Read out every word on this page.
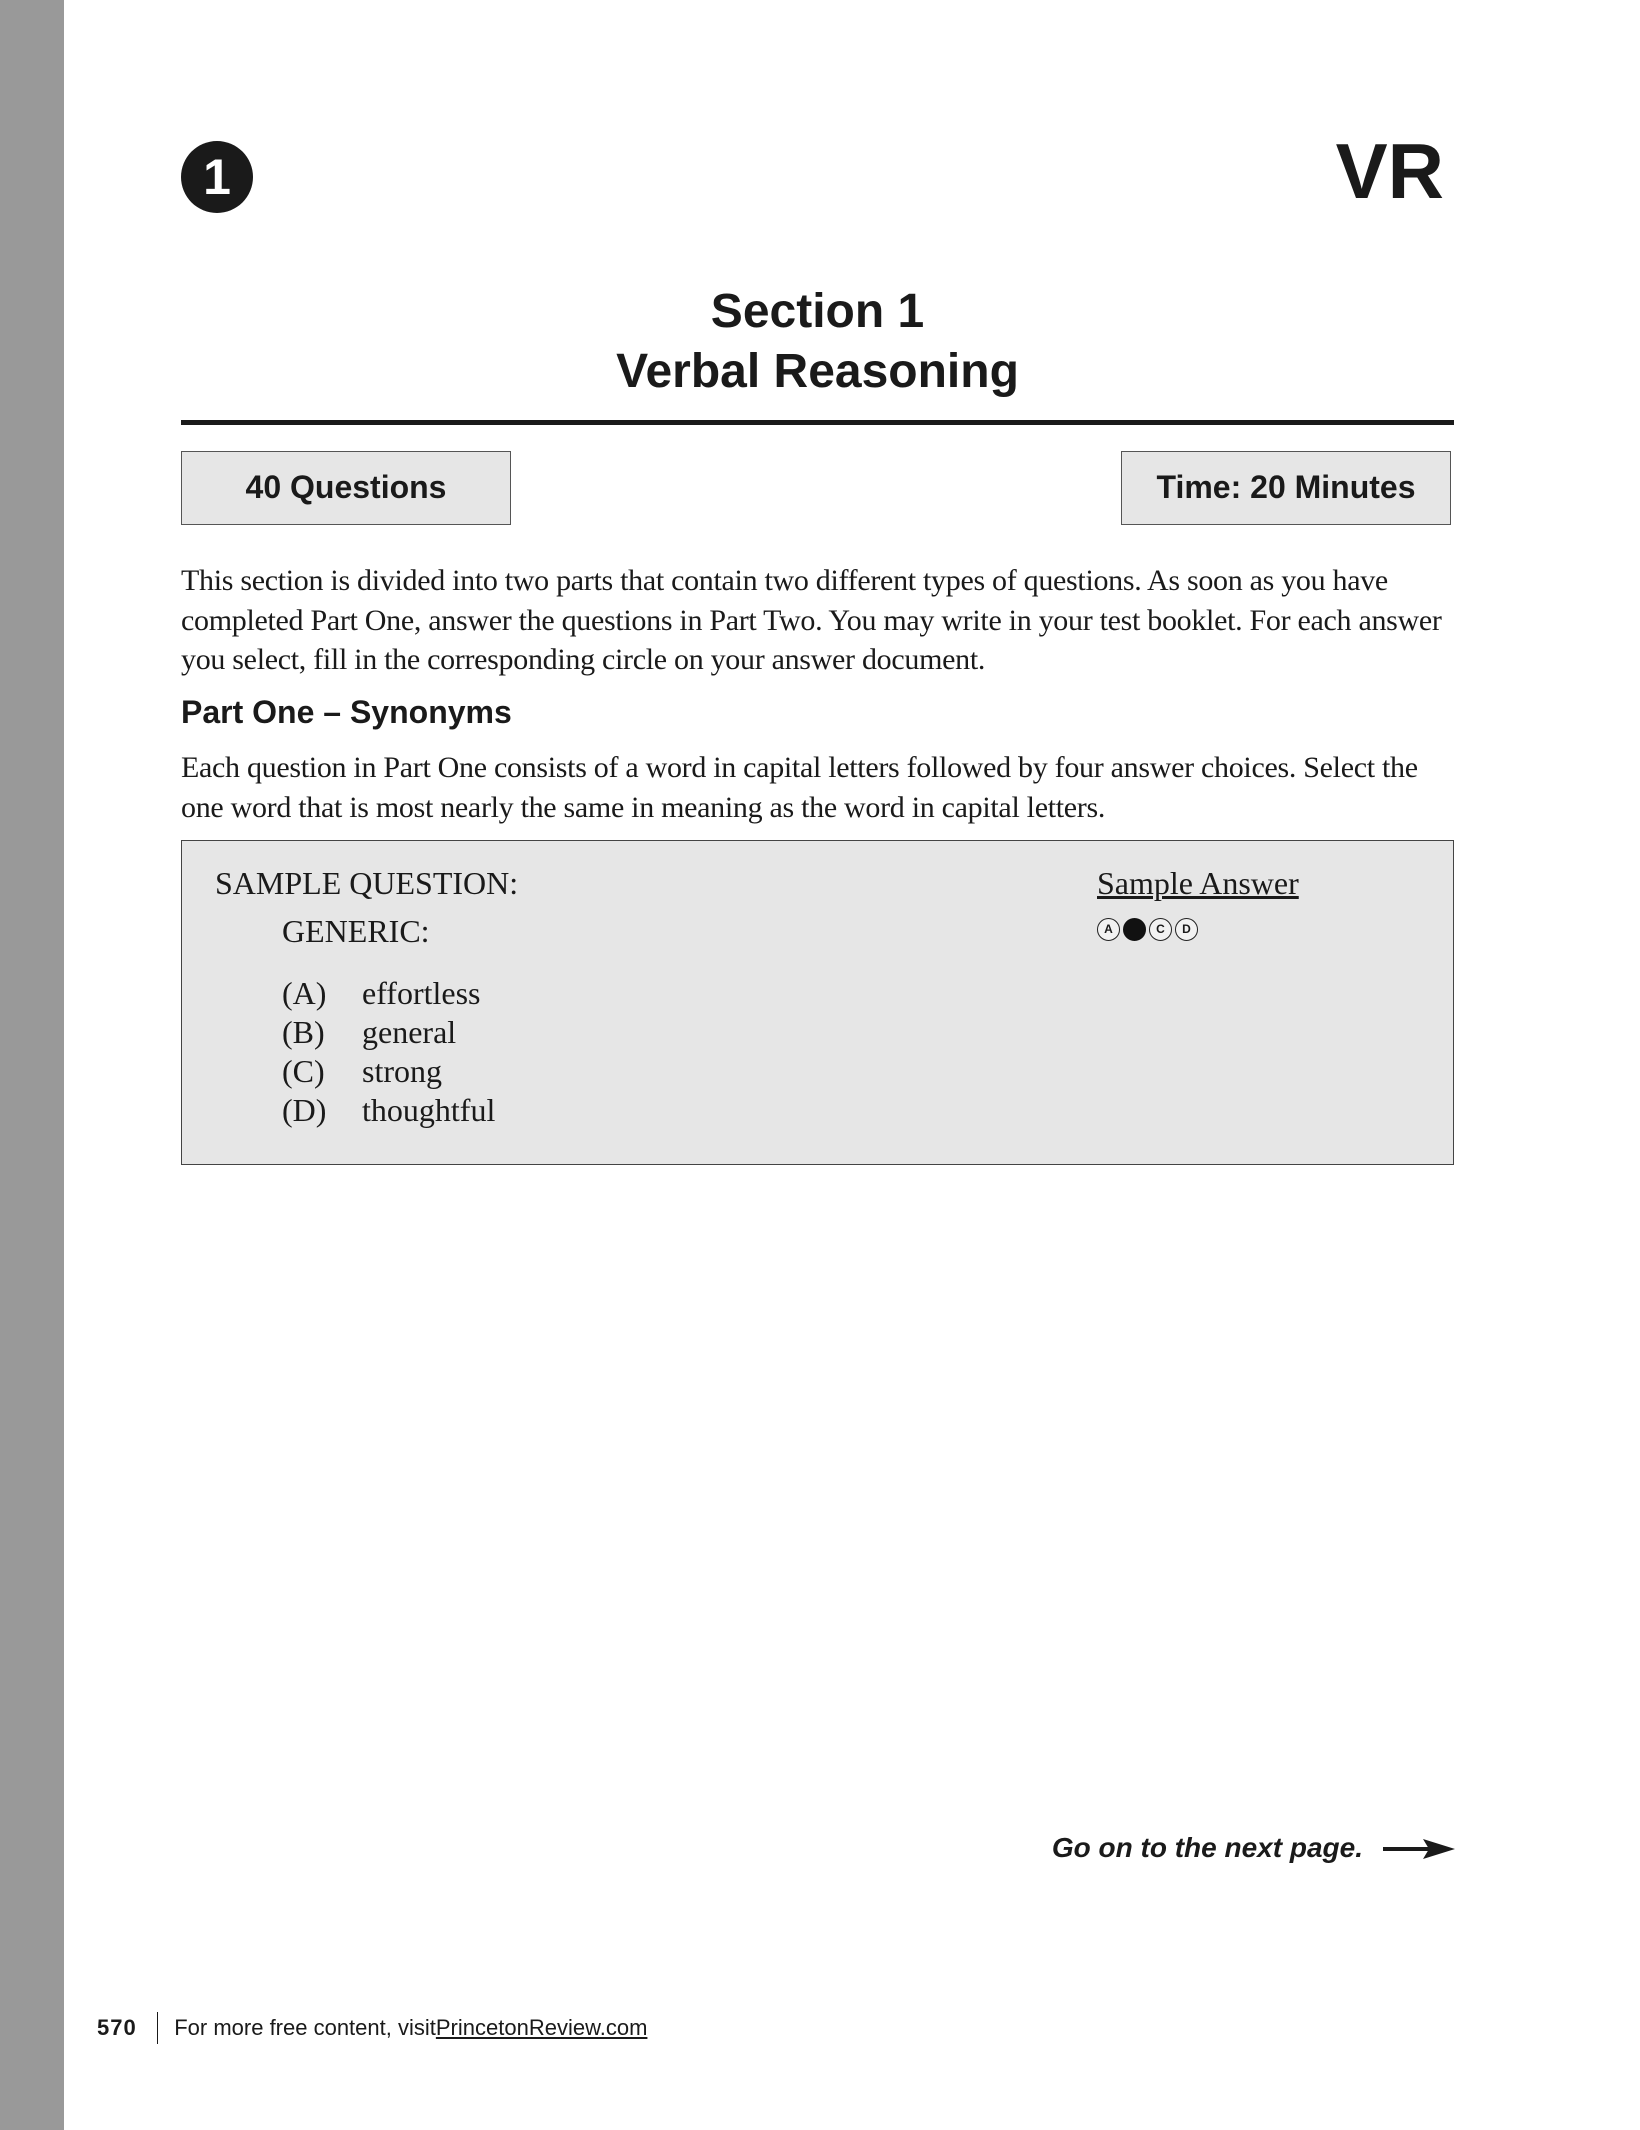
1	VR
Section 1
Verbal Reasoning
40 Questions	Time: 20 Minutes
This section is divided into two parts that contain two different types of questions. As soon as you have completed Part One, answer the questions in Part Two. You may write in your test booklet. For each answer you select, fill in the corresponding circle on your answer document.
Part One – Synonyms
Each question in Part One consists of a word in capital letters followed by four answer choices. Select the one word that is most nearly the same in meaning as the word in capital letters.
SAMPLE QUESTION:
GENERIC:
(A)	effortless
(B)	general
(C)	strong
(D)	thoughtful
Sample Answer
A	C	D
Go on to the next page.
570 For more free content, visit PrincetonReview.com
